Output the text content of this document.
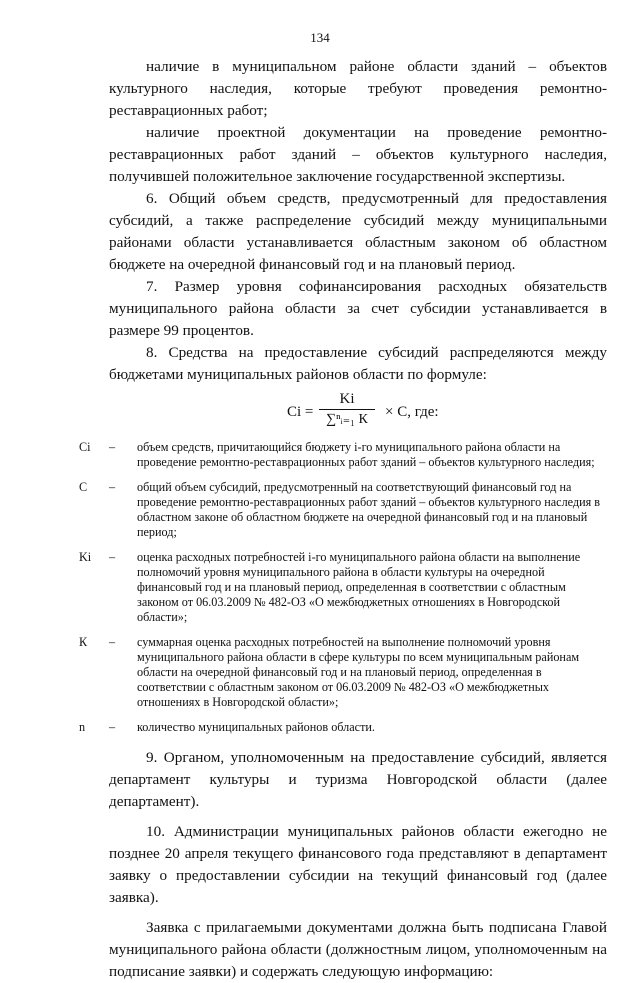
134

наличие в муниципальном районе области зданий – объектов культурного наследия, которые требуют проведения ремонтно-реставрационных работ;

наличие проектной документации на проведение ремонтно-реставрационных работ зданий – объектов культурного наследия, получившей положительное заключение государственной экспертизы.

6. Общий объем средств, предусмотренный для предоставления субсидий, а также распределение субсидий между муниципальными районами области устанавливается областным законом об областном бюджете на очередной финансовый год и на плановый период.

7. Размер уровня софинансирования расходных обязательств муниципального района области за счет субсидии устанавливается в размере 99 процентов.

8. Средства на предоставление субсидий распределяются между бюджетами муниципальных районов области по формуле:

Ci =
Ki
∑ⁿᵢ₌₁ К	× C, где:
Ci	–	объем средств, причитающийся бюджету i-го муниципального района области на проведение ремонтно-реставрационных работ зданий – объектов культурного наследия;
С	–	общий объем субсидий, предусмотренный на соответствующий финансовый год на проведение ремонтно-реставрационных работ зданий – объектов культурного наследия в областном законе об областном бюджете на очередной финансовый год и на плановый период;
Ki	–	оценка расходных потребностей i-го муниципального района области на выполнение полномочий уровня муниципального района в области культуры на очередной финансовый год и на плановый период, определенная в соответствии с областным законом от 06.03.2009 № 482-ОЗ «О межбюджетных отношениях в Новгородской области»;
К	–	суммарная оценка расходных потребностей на выполнение полномочий уровня муниципального района области в сфере культуры по всем муниципальным районам области на очередной финансовый год и на плановый период, определенная в соответствии с областным законом от 06.03.2009 № 482-ОЗ «О межбюджетных отношениях в Новгородской области»;
n	–	количество муниципальных районов области.

9. Органом, уполномоченным на предоставление субсидий, является департамент культуры и туризма Новгородской области (далее департамент).

10. Администрации муниципальных районов области ежегодно не позднее 20 апреля текущего финансового года представляют в департамент заявку о предоставлении субсидии на текущий финансовый год (далее заявка).

Заявка с прилагаемыми документами должна быть подписана Главой муниципального района области (должностным лицом, уполномоченным на подписание заявки) и содержать следующую информацию:
